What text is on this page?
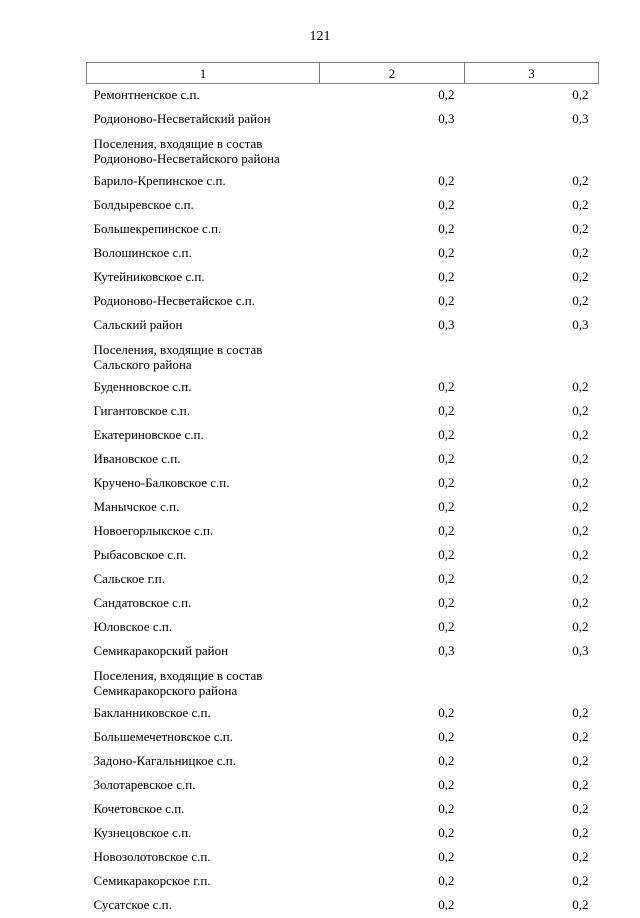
121
1	2	3
Ремонтненское с.п.	0,2	0,2
Родионово-Несветайский район	0,3	0,3
Поселения, входящие в состав
Родионово-Несветайского района		
Барило-Крепинское с.п.	0,2	0,2
Болдыревское с.п.	0,2	0,2
Большекрепинское с.п.	0,2	0,2
Волошинское с.п.	0,2	0,2
Кутейниковское с.п.	0,2	0,2
Родионово-Несветайское с.п.	0,2	0,2
Сальский район	0,3	0,3
Поселения, входящие в состав
Сальского района		
Буденновское с.п.	0,2	0,2
Гигантовское с.п.	0,2	0,2
Екатериновское с.п.	0,2	0,2
Ивановское с.п.	0,2	0,2
Кручено-Балковское с.п.	0,2	0,2
Манычское с.п.	0,2	0,2
Новоегорлыкское с.п.	0,2	0,2
Рыбасовское с.п.	0,2	0,2
Сальское г.п.	0,2	0,2
Сандатовское с.п.	0,2	0,2
Юловское с.п.	0,2	0,2
Семикаракорский район	0,3	0,3
Поселения, входящие в состав
Семикаракорского района		
Бакланниковское с.п.	0,2	0,2
Большемечетновское с.п.	0,2	0,2
Задоно-Кагальницкое с.п.	0,2	0,2
Золотаревское с.п.	0,2	0,2
Кочетовское с.п.	0,2	0,2
Кузнецовское с.п.	0,2	0,2
Новозолотовское с.п.	0,2	0,2
Семикаракорское г.п.	0,2	0,2
Сусатское с.п.	0,2	0,2
